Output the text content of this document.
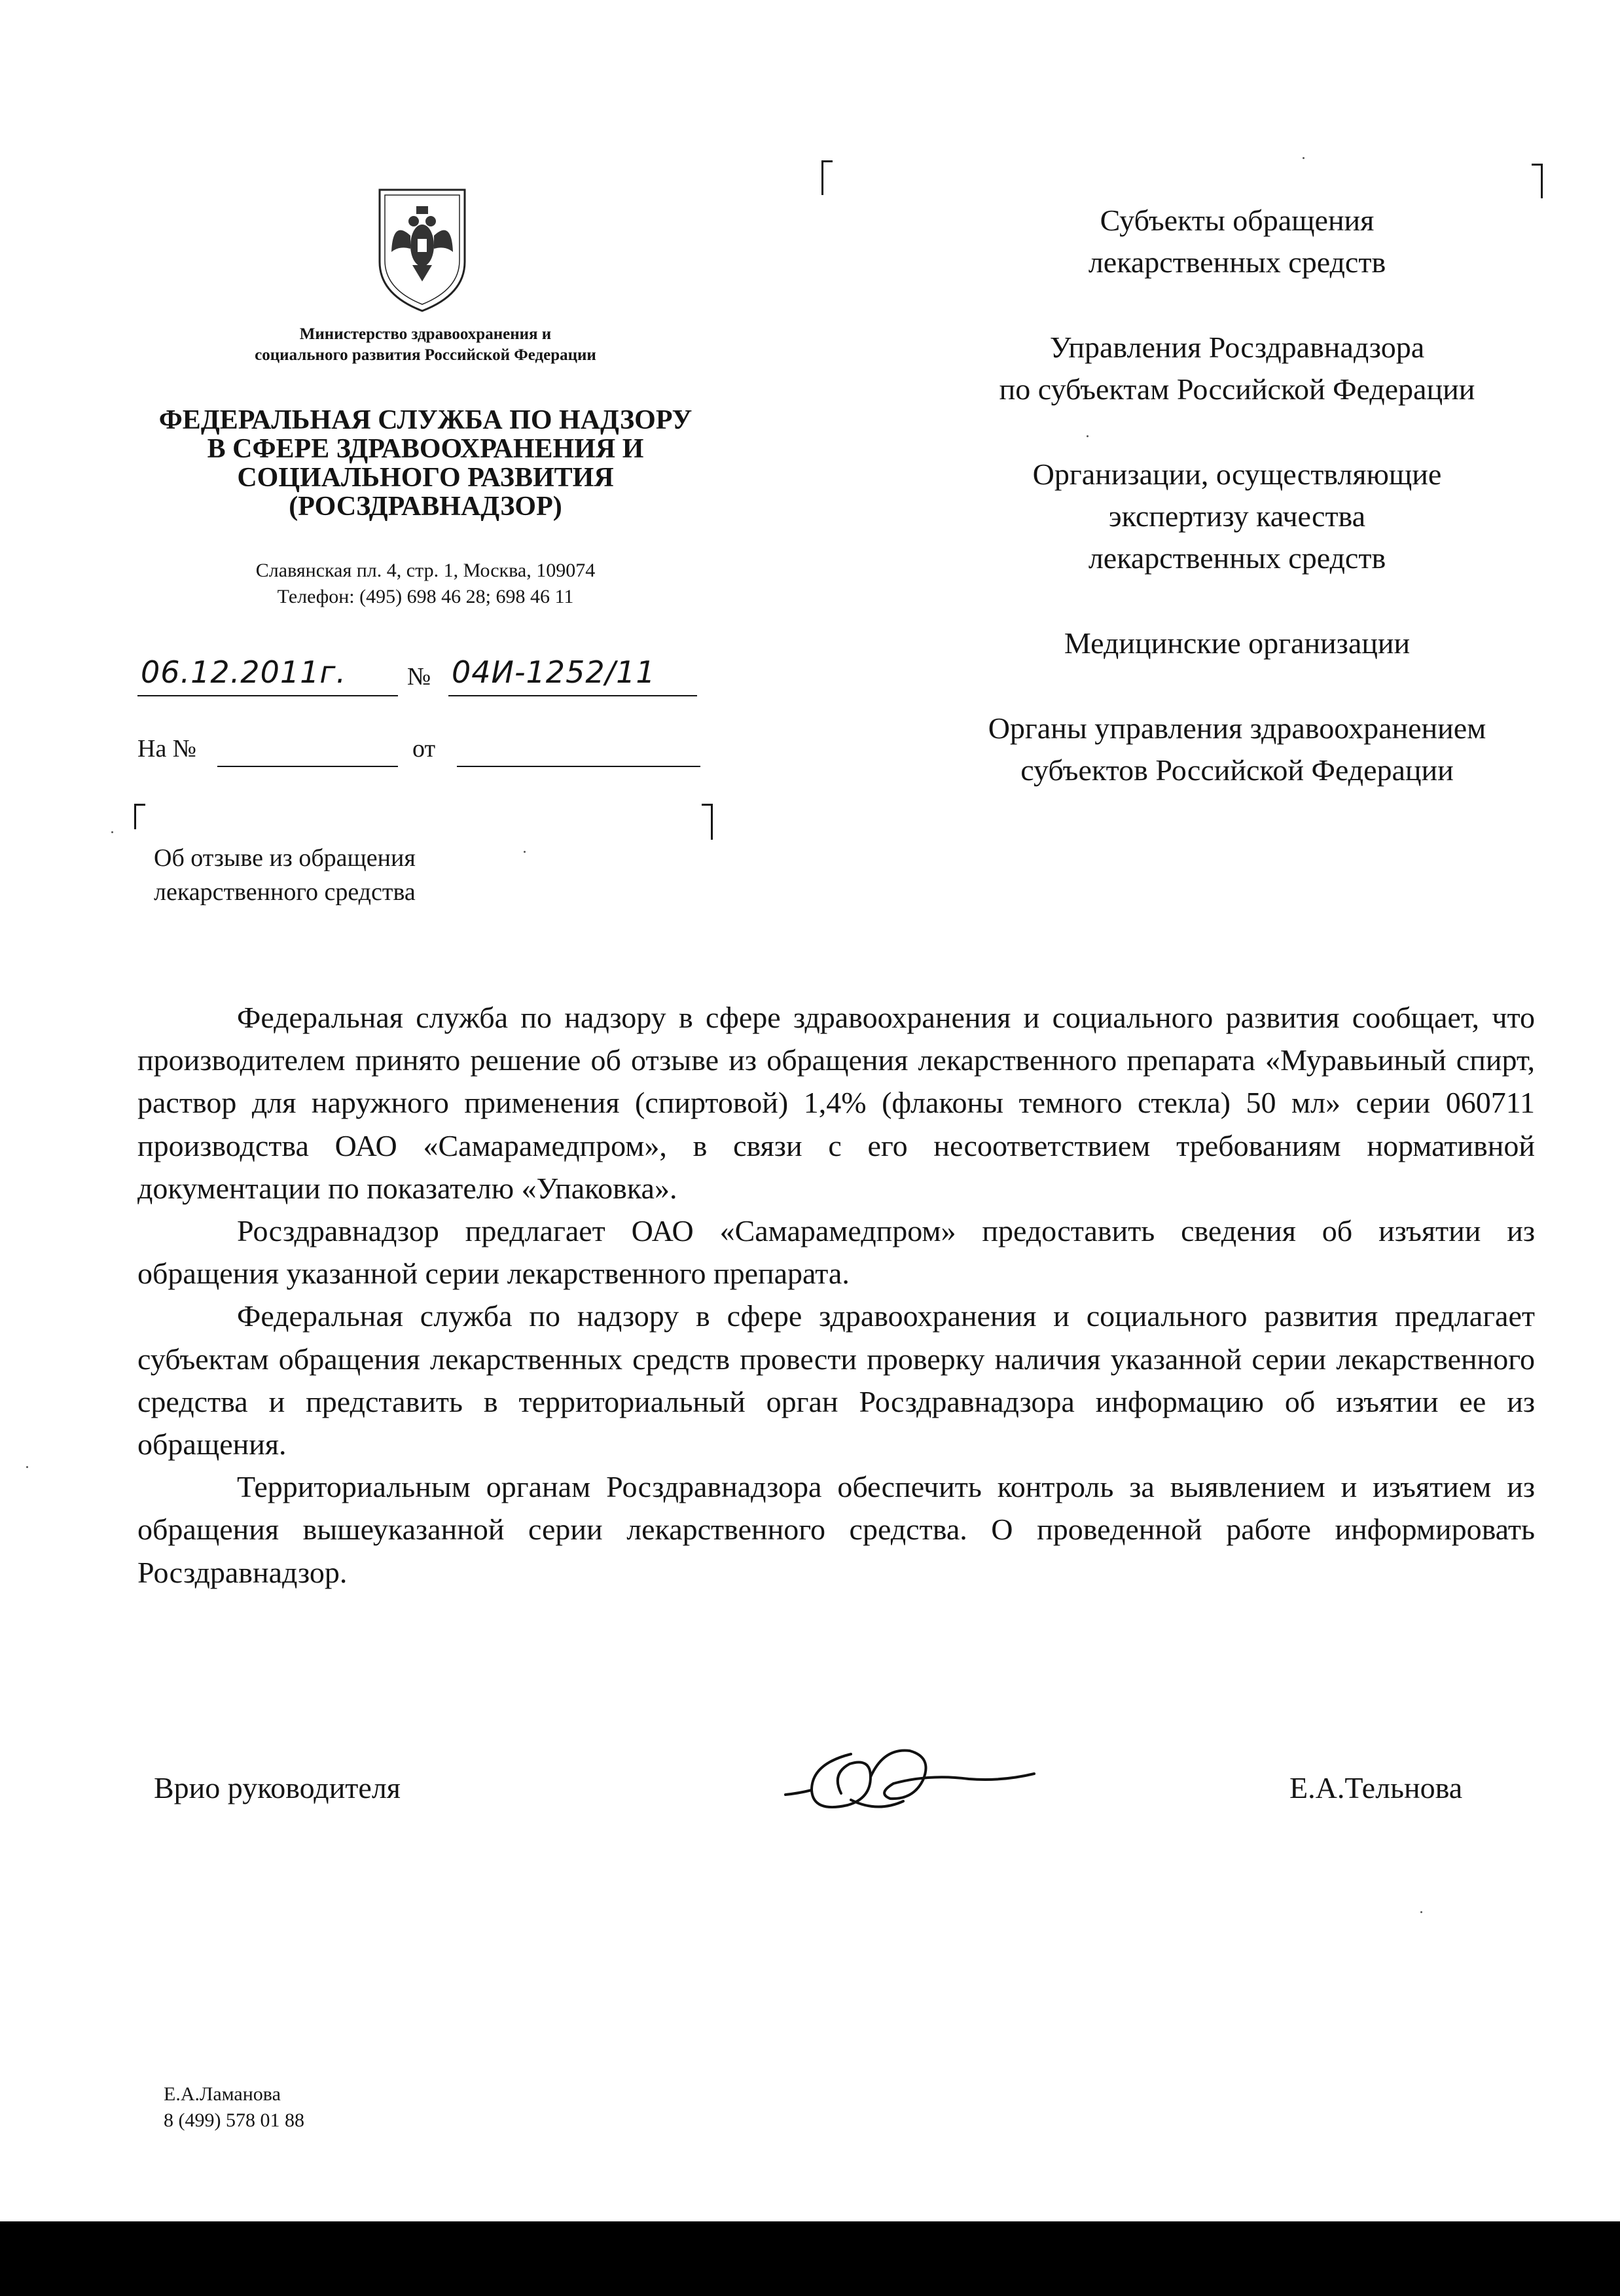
Министерство здравоохранения и
социального развития Российской Федерации
ФЕДЕРАЛЬНАЯ СЛУЖБА ПО НАДЗОРУ
В СФЕРЕ ЗДРАВООХРАНЕНИЯ И
СОЦИАЛЬНОГО РАЗВИТИЯ
(РОСЗДРАВНАДЗОР)
Славянская пл. 4, стр. 1, Москва, 109074
Телефон: (495) 698 46 28; 698 46 11
06.12.2011г. № 04И-1252/11
На №	от
Об отзыве из обращения
лекарственного средства
Субъекты обращения
лекарственных средств
Управления Росздравнадзора
по субъектам Российской Федерации
Организации, осуществляющие
экспертизу качества
лекарственных средств
Медицинские организации
Органы управления здравоохранением
субъектов Российской Федерации

Федеральная служба по надзору в сфере здравоохранения и социального развития сообщает, что производителем принято решение об отзыве из обращения лекарственного препарата «Муравьиный спирт, раствор для наружного применения (спиртовой) 1,4% (флаконы темного стекла) 50 мл» серии 060711 производства ОАО «Самарамедпром», в связи с его несоответствием требованиям нормативной документации по показателю «Упаковка».

Росздравнадзор предлагает ОАО «Самарамедпром» предоставить сведения об изъятии из обращения указанной серии лекарственного препарата.

Федеральная служба по надзору в сфере здравоохранения и социального развития предлагает субъектам обращения лекарственных средств провести проверку наличия указанной серии лекарственного средства и представить в территориальный орган Росздравнадзора информацию об изъятии ее из обращения.

Территориальным органам Росздравнадзора обеспечить контроль за выявлением и изъятием из обращения вышеуказанной серии лекарственного средства. О проведенной работе информировать Росздравнадзор.

Врио руководителя	Е.А.Тельнова
Е.А.Ламанова
8 (499) 578 01 88
